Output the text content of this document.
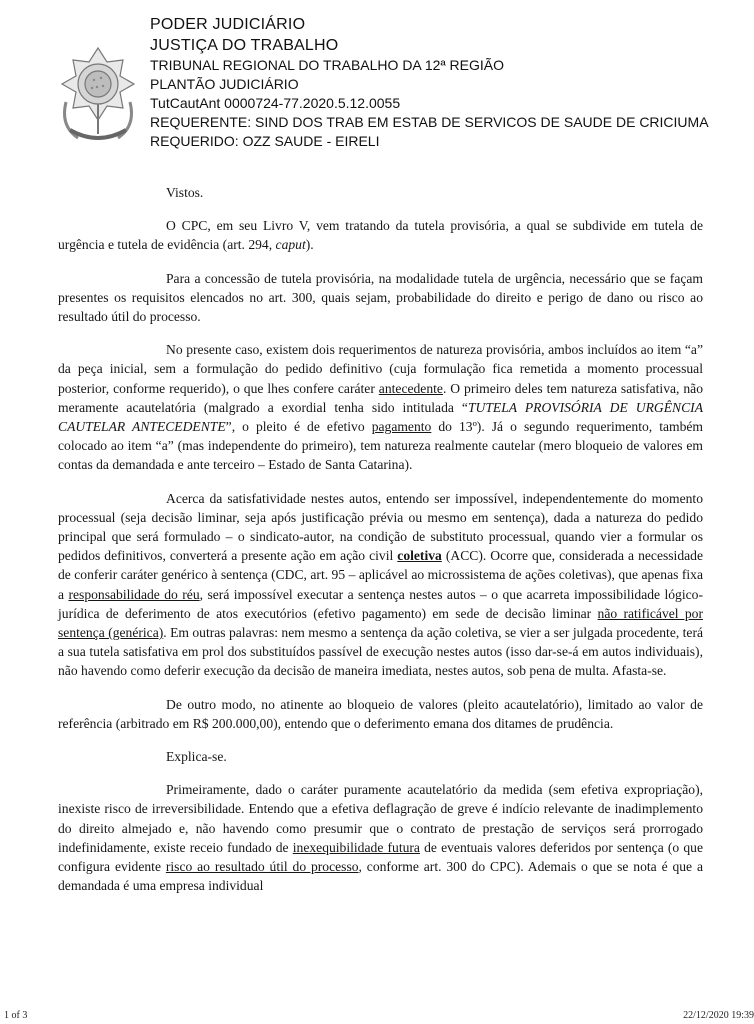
PODER JUDICIÁRIO
JUSTIÇA DO TRABALHO
TRIBUNAL REGIONAL DO TRABALHO DA 12ª REGIÃO
PLANTÃO JUDICIÁRIO
TutCautAnt 0000724-77.2020.5.12.0055
REQUERENTE: SIND DOS TRAB EM ESTAB DE SERVICOS DE SAUDE DE CRICIUMA
REQUERIDO: OZZ SAUDE - EIRELI

Vistos.

O CPC, em seu Livro V, vem tratando da tutela provisória, a qual se subdivide em tutela de urgência e tutela de evidência (art. 294, caput).

Para a concessão de tutela provisória, na modalidade tutela de urgência, necessário que se façam presentes os requisitos elencados no art. 300, quais sejam, probabilidade do direito e perigo de dano ou risco ao resultado útil do processo.

No presente caso, existem dois requerimentos de natureza provisória, ambos incluídos ao item “a” da peça inicial, sem a formulação do pedido definitivo (cuja formulação fica remetida a momento processual posterior, conforme requerido), o que lhes confere caráter antecedente. O primeiro deles tem natureza satisfativa, não meramente acautelatória (malgrado a exordial tenha sido intitulada “TUTELA PROVISÓRIA DE URGÊNCIA CAUTELAR ANTECEDENTE”, o pleito é de efetivo pagamento do 13º). Já o segundo requerimento, também colocado ao item “a” (mas independente do primeiro), tem natureza realmente cautelar (mero bloqueio de valores em contas da demandada e ante terceiro – Estado de Santa Catarina).

Acerca da satisfatividade nestes autos, entendo ser impossível, independentemente do momento processual (seja decisão liminar, seja após justificação prévia ou mesmo em sentença), dada a natureza do pedido principal que será formulado – o sindicato-autor, na condição de substituto processual, quando vier a formular os pedidos definitivos, converterá a presente ação em ação civil coletiva (ACC). Ocorre que, considerada a necessidade de conferir caráter genérico à sentença (CDC, art. 95 – aplicável ao microssistema de ações coletivas), que apenas fixa a responsabilidade do réu, será impossível executar a sentença nestes autos – o que acarreta impossibilidade lógico-jurídica de deferimento de atos executórios (efetivo pagamento) em sede de decisão liminar não ratificável por sentença (genérica). Em outras palavras: nem mesmo a sentença da ação coletiva, se vier a ser julgada procedente, terá a sua tutela satisfativa em prol dos substituídos passível de execução nestes autos (isso dar-se-á em autos individuais), não havendo como deferir execução da decisão de maneira imediata, nestes autos, sob pena de multa. Afasta-se.

De outro modo, no atinente ao bloqueio de valores (pleito acautelatório), limitado ao valor de referência (arbitrado em R$ 200.000,00), entendo que o deferimento emana dos ditames de prudência.

Explica-se.

Primeiramente, dado o caráter puramente acautelatório da medida (sem efetiva expropriação), inexiste risco de irreversibilidade. Entendo que a efetiva deflagração de greve é indício relevante de inadimplemento do direito almejado e, não havendo como presumir que o contrato de prestação de serviços será prorrogado indefinidamente, existe receio fundado de inexequibilidade futura de eventuais valores deferidos por sentença (o que configura evidente risco ao resultado útil do processo, conforme art. 300 do CPC). Ademais o que se nota é que a demandada é uma empresa individual

1 of 3	22/12/2020 19:39
